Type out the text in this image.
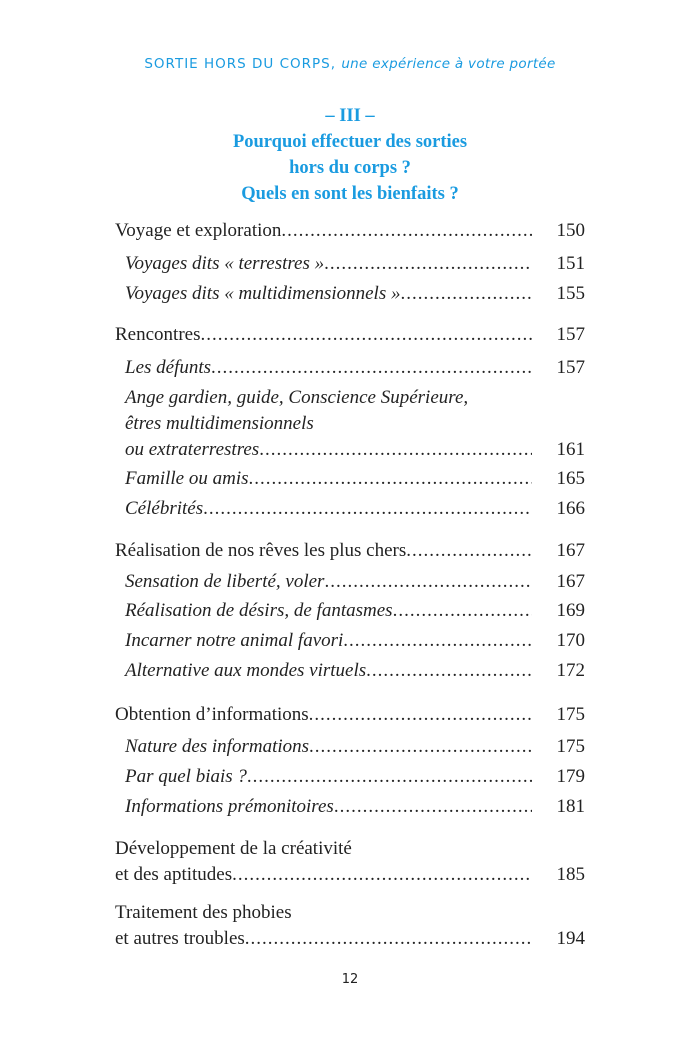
SORTIE HORS DU CORPS, une expérience à votre portée
– III –
Pourquoi effectuer des sorties
hors du corps ?
Quels en sont les bienfaits ?
Voyage et exploration .....	150
Voyages dits « terrestres » .....	151
Voyages dits « multidimensionnels » .....	155
Rencontres .....	157
Les défunts .....	157
Ange gardien, guide, Conscience Supérieure,
êtres multidimensionnels
ou extraterrestres .....	161
Famille ou amis .....	165
Célébrités .....	166
Réalisation de nos rêves les plus chers .....	167
Sensation de liberté, voler .....	167
Réalisation de désirs, de fantasmes .....	169
Incarner notre animal favori .....	170
Alternative aux mondes virtuels .....	172
Obtention d’informations .....	175
Nature des informations .....	175
Par quel biais ? .....	179
Informations prémonitoires .....	181
Développement de la créativité
et des aptitudes .....	185
Traitement des phobies
et autres troubles .....	194
12
